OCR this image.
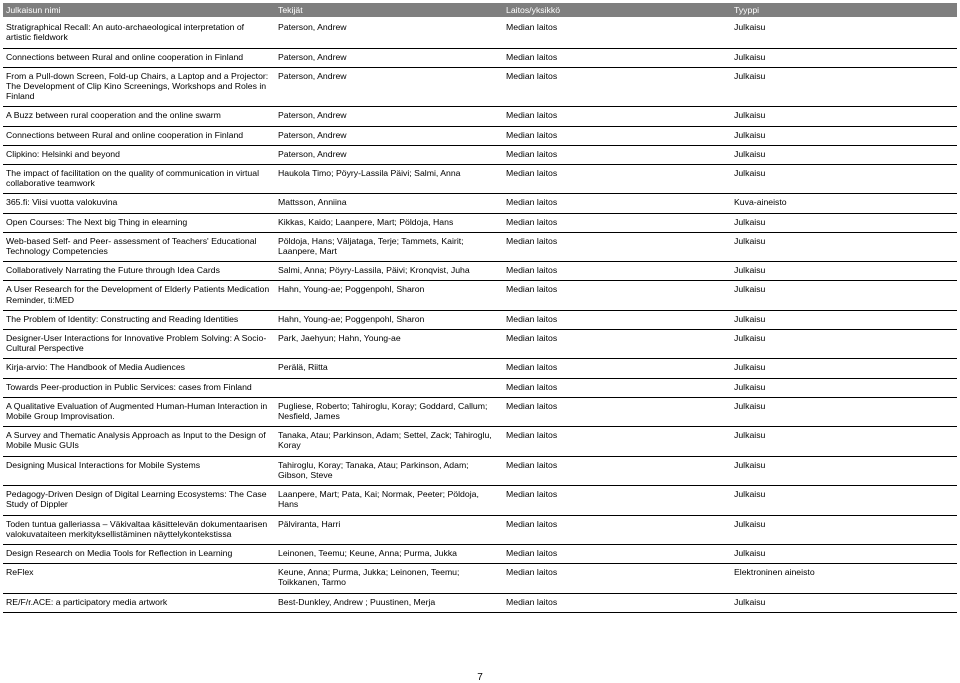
Julkaisun nimi	Tekijät	Laitos/yksikkö	Tyyppi
Stratigraphical Recall: An auto-archaeological interpretation of artistic fieldwork	Paterson, Andrew	Median laitos	Julkaisu
Connections between Rural and online cooperation in Finland	Paterson, Andrew	Median laitos	Julkaisu
From a Pull-down Screen, Fold-up Chairs, a Laptop and a Projector: The Development of Clip Kino Screenings, Workshops and Roles in Finland	Paterson, Andrew	Median laitos	Julkaisu
A Buzz between rural cooperation and the online swarm	Paterson, Andrew	Median laitos	Julkaisu
Connections between Rural and online cooperation in Finland	Paterson, Andrew	Median laitos	Julkaisu
Clipkino: Helsinki and beyond	Paterson, Andrew	Median laitos	Julkaisu
The impact of facilitation on the quality of communication in virtual collaborative teamwork	Haukola Timo; Pöyry-Lassila Päivi; Salmi, Anna	Median laitos	Julkaisu
365.fi: Viisi vuotta valokuvina	Mattsson, Anniina	Median laitos	Kuva-aineisto
Open Courses: The Next big Thing in elearning	Kikkas, Kaido; Laanpere, Mart; Pöldoja, Hans	Median laitos	Julkaisu
Web-based Self- and Peer- assessment of Teachers' Educational Technology Competencies	Pöldoja, Hans; Väljataga, Terje; Tammets, Kairit; Laanpere, Mart	Median laitos	Julkaisu
Collaboratively Narrating the Future through Idea Cards	Salmi, Anna; Pöyry-Lassila, Päivi; Kronqvist, Juha	Median laitos	Julkaisu
A User Research for the Development of Elderly Patients Medication Reminder, ti:MED	Hahn, Young-ae; Poggenpohl, Sharon	Median laitos	Julkaisu
The Problem of Identity: Constructing and Reading Identities	Hahn, Young-ae; Poggenpohl, Sharon	Median laitos	Julkaisu
Designer-User Interactions for Innovative Problem Solving: A Socio-Cultural Perspective	Park, Jaehyun; Hahn, Young-ae	Median laitos	Julkaisu
Kirja-arvio: The Handbook of Media Audiences	Perälä, Riitta	Median laitos	Julkaisu
Towards Peer-production in Public Services: cases from Finland		Median laitos	Julkaisu
A Qualitative Evaluation of Augmented Human-Human Interaction in Mobile Group Improvisation.	Pugliese, Roberto; Tahiroglu, Koray; Goddard, Callum; Nesfield, James	Median laitos	Julkaisu
A Survey and Thematic Analysis Approach as Input to the Design of Mobile Music GUIs	Tanaka, Atau; Parkinson, Adam; Settel, Zack; Tahiroglu, Koray	Median laitos	Julkaisu
Designing Musical Interactions for Mobile Systems	Tahiroglu, Koray; Tanaka, Atau; Parkinson, Adam; Gibson, Steve	Median laitos	Julkaisu
Pedagogy-Driven Design of Digital Learning Ecosystems: The Case Study of Dippler	Laanpere, Mart; Pata, Kai; Normak, Peeter; Pöldoja, Hans	Median laitos	Julkaisu
Toden tuntua galleriassa – Väkivaltaa käsittelevän dokumentaarisen valokuvataiteen merkityksellistäminen näyttelykontekstissa	Pälviranta, Harri	Median laitos	Julkaisu
Design Research on Media Tools for Reflection in Learning	Leinonen, Teemu; Keune, Anna; Purma, Jukka	Median laitos	Julkaisu
ReFlex	Keune, Anna; Purma, Jukka; Leinonen, Teemu; Toikkanen, Tarmo	Median laitos	Elektroninen aineisto
RE/F/r.ACE: a participatory media artwork	Best-Dunkley, Andrew ; Puustinen, Merja	Median laitos	Julkaisu
7
